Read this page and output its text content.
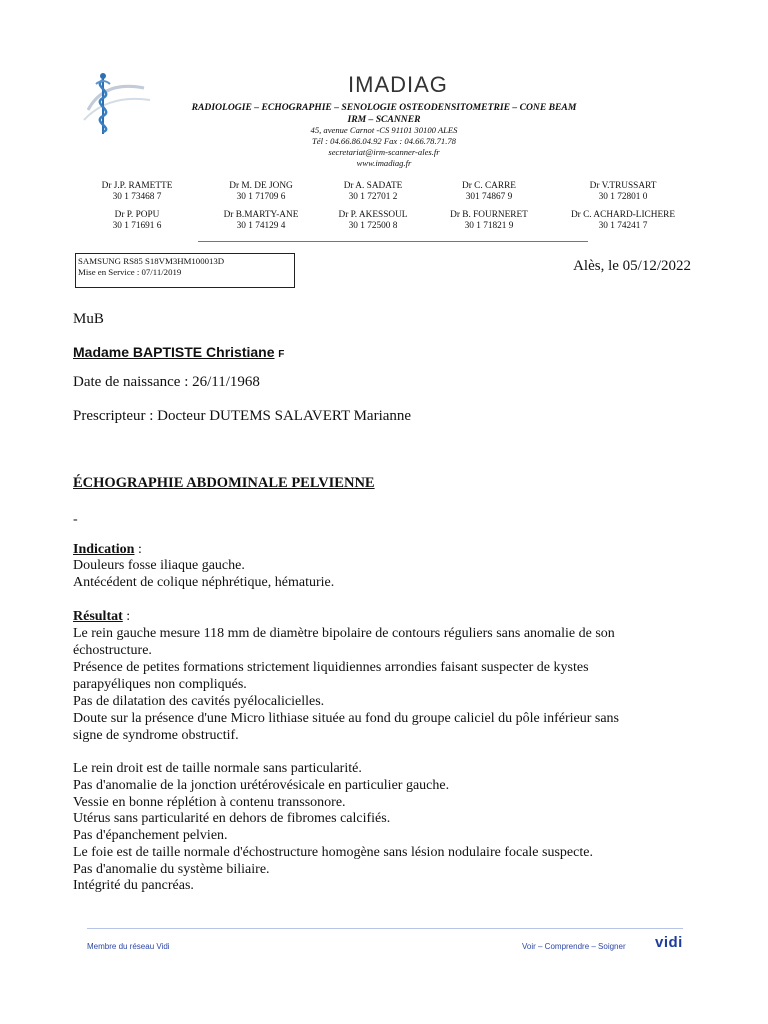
IMADIAG
RADIOLOGIE – ECHOGRAPHIE – SENOLOGIE OSTEODENSITOMETRIE – CONE BEAM
IRM – SCANNER
45, avenue Carnot -CS 91101 30100 ALES
Tél : 04.66.86.04.92 Fax : 04.66.78.71.78
secretariat@irm-scanner-ales.fr
www.imadiag.fr
Dr J.P. RAMETTE
30 1 73468 7
Dr M. DE JONG
30 1 71709 6
Dr A. SADATE
30 1 72701 2
Dr C. CARRE
301 74867 9
Dr V.TRUSSART
30 1 72801 0
Dr P. POPU
30 1 71691 6
Dr B.MARTY-ANE
30 1 74129 4
Dr P. AKESSOUL
30 1 72500 8
Dr B. FOURNERET
30 1 71821 9
Dr C. ACHARD-LICHERE
30 1 74241 7
SAMSUNG RS85 S18VM3HM100013D
Mise en Service : 07/11/2019	Alès, le 05/12/2022
MuB
Madame BAPTISTE Christiane F
Date de naissance : 26/11/1968
Prescripteur : Docteur DUTEMS SALAVERT Marianne
ÉCHOGRAPHIE ABDOMINALE PELVIENNE
-
Indication :
Douleurs fosse iliaque gauche.
Antécédent de colique néphrétique, hématurie.
Résultat :
Le rein gauche mesure 118 mm de diamètre bipolaire de contours réguliers sans anomalie de son
échostructure.
Présence de petites formations strictement liquidiennes arrondies faisant suspecter de kystes
parapyéliques non compliqués.
Pas de dilatation des cavités pyélocalicielles.
Doute sur la présence d'une Micro lithiase située au fond du groupe caliciel du pôle inférieur sans
signe de syndrome obstructif.
Le rein droit est de taille normale sans particularité.
Pas d'anomalie de la jonction urétérovésicale en particulier gauche.
Vessie en bonne réplétion à contenu transsonore.
Utérus sans particularité en dehors de fibromes calcifiés.
Pas d'épanchement pelvien.
Le foie est de taille normale d'échostructure homogène sans lésion nodulaire focale suspecte.
Pas d'anomalie du système biliaire.
Intégrité du pancréas.
Membre du réseau Vidi	Voir – Comprendre – Soigner vidi
